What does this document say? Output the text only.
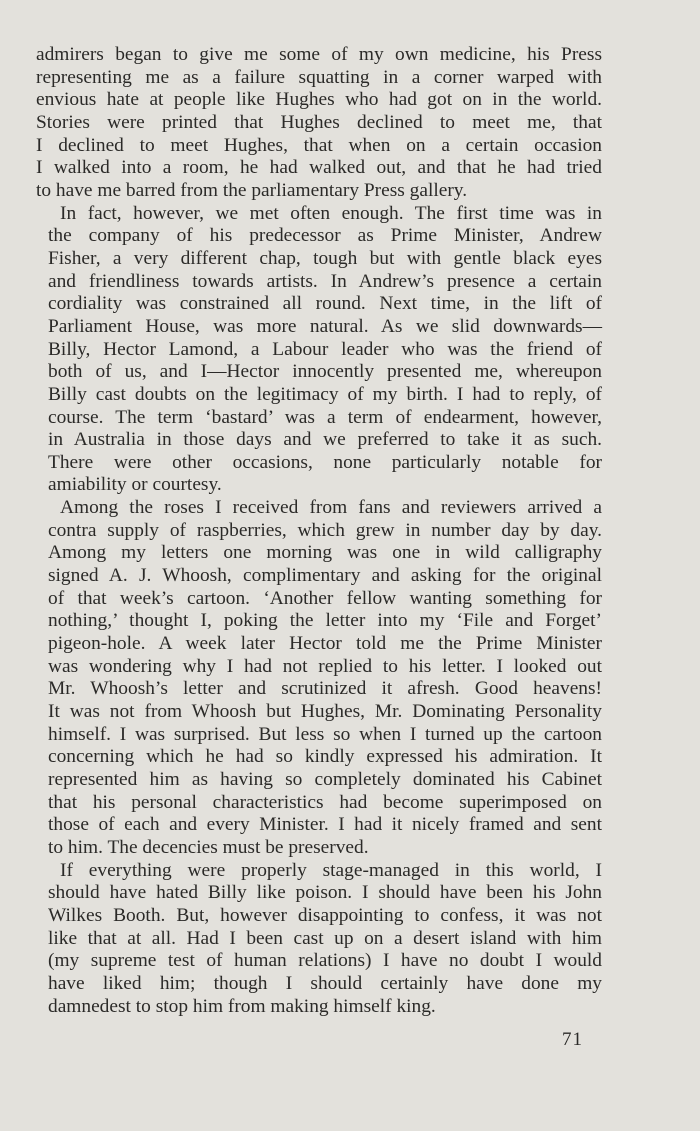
admirers began to give me some of my own medicine, his Press
representing me as a failure squatting in a corner warped with
envious hate at people like Hughes who had got on in the world.
Stories were printed that Hughes declined to meet me, that
I declined to meet Hughes, that when on a certain occasion
I walked into a room, he had walked out, and that he had tried
to have me barred from the parliamentary Press gallery.

In fact, however, we met often enough. The first time was in
the company of his predecessor as Prime Minister, Andrew
Fisher, a very different chap, tough but with gentle black eyes
and friendliness towards artists. In Andrew’s presence a certain
cordiality was constrained all round. Next time, in the lift of
Parliament House, was more natural. As we slid downwards—
Billy, Hector Lamond, a Labour leader who was the friend of
both of us, and I—Hector innocently presented me, whereupon
Billy cast doubts on the legitimacy of my birth. I had to reply, of
course. The term ‘bastard’ was a term of endearment, however,
in Australia in those days and we preferred to take it as such.
There were other occasions, none particularly notable for
amiability or courtesy.

Among the roses I received from fans and reviewers arrived a
contra supply of raspberries, which grew in number day by day.
Among my letters one morning was one in wild calligraphy
signed A. J. Whoosh, complimentary and asking for the original
of that week’s cartoon. ‘Another fellow wanting something for
nothing,’ thought I, poking the letter into my ‘File and Forget’
pigeon-hole. A week later Hector told me the Prime Minister
was wondering why I had not replied to his letter. I looked out
Mr. Whoosh’s letter and scrutinized it afresh. Good heavens!
It was not from Whoosh but Hughes, Mr. Dominating Personality
himself. I was surprised. But less so when I turned up the cartoon
concerning which he had so kindly expressed his admiration. It
represented him as having so completely dominated his Cabinet
that his personal characteristics had become superimposed on
those of each and every Minister. I had it nicely framed and sent
to him. The decencies must be preserved.

If everything were properly stage-managed in this world, I
should have hated Billy like poison. I should have been his John
Wilkes Booth. But, however disappointing to confess, it was not
like that at all. Had I been cast up on a desert island with him
(my supreme test of human relations) I have no doubt I would
have liked him; though I should certainly have done my
damnedest to stop him from making himself king.

71
